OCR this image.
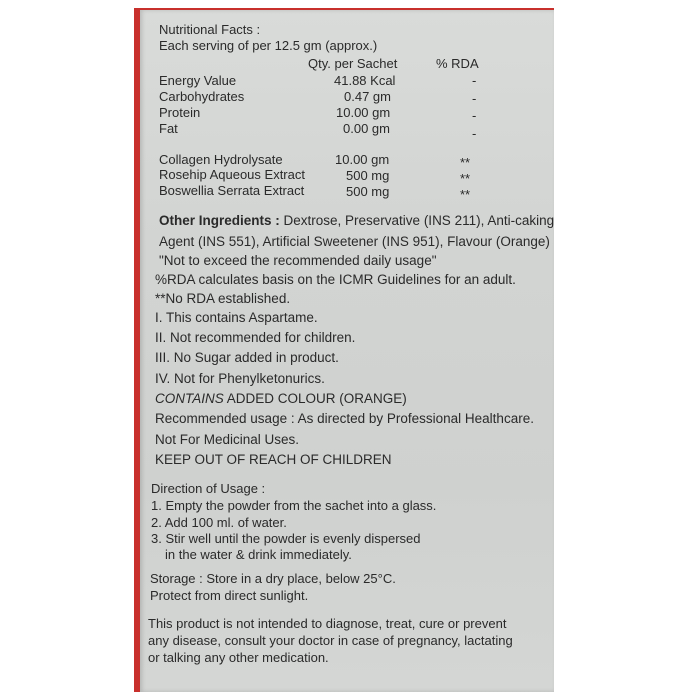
Nutritional Facts :
Each serving of per 12.5 gm (approx.)
Qty. per Sachet	% RDA
Energy Value	41.88 Kcal	-
Carbohydrates	0.47 gm	-
Protein	10.00 gm	-
Fat	0.00 gm	-
Collagen Hydrolysate	10.00 gm	**
Rosehip Aqueous Extract	500 mg	**
Boswellia Serrata Extract	500 mg	**
Other Ingredients : Dextrose, Preservative (INS 211), Anti-caking
Agent (INS 551), Artificial Sweetener (INS 951), Flavour (Orange)
"Not to exceed the recommended daily usage"
%RDA calculates basis on the ICMR Guidelines for an adult.
**No RDA established.
I. This contains Aspartame.
II. Not recommended for children.
III. No Sugar added in product.
IV. Not for Phenylketonurics.
CONTAINS ADDED COLOUR (ORANGE)
Recommended usage : As directed by Professional Healthcare.
Not For Medicinal Uses.
KEEP OUT OF REACH OF CHILDREN
Direction of Usage :
1. Empty the powder from the sachet into a glass.
2. Add 100 ml. of water.
3. Stir well until the powder is evenly dispersed
in the water & drink immediately.
Storage : Store in a dry place, below 25°C.
Protect from direct sunlight.
This product is not intended to diagnose, treat, cure or prevent
any disease, consult your doctor in case of pregnancy, lactating
or talking any other medication.
